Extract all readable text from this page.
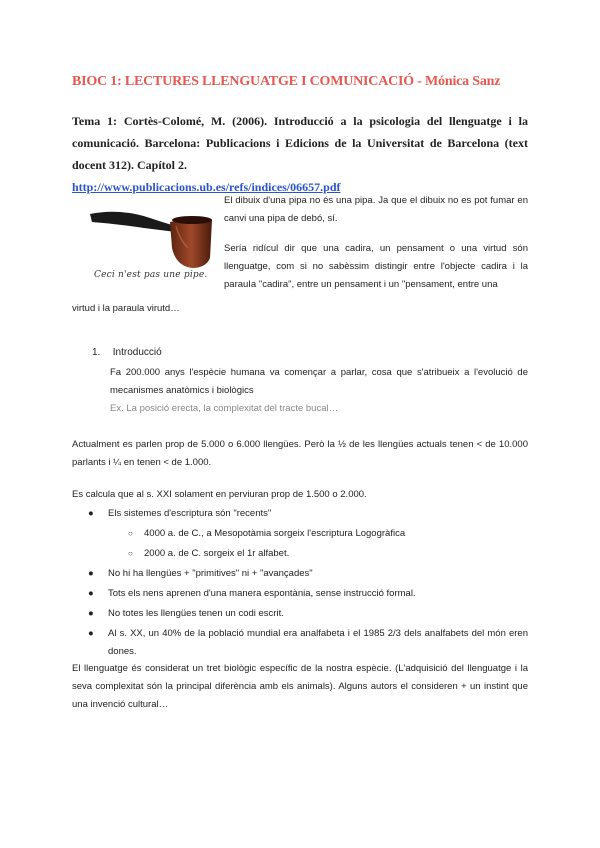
BIOC 1: LECTURES LLENGUATGE I COMUNICACIÓ - Mónica Sanz
Tema 1: Cortès-Colomé, M. (2006). Introducció a la psicologia del llenguatge i la comunicació. Barcelona: Publicacions i Edicions de la Universitat de Barcelona (text docent 312). Capítol 2.
http://www.publicacions.ub.es/refs/indices/06657.pdf
Ceci n'est pas une pipe.

El dibuix d'una pipa no és una pipa. Ja que el dibuix no es pot fumar en canvi una pipa de debó, sí.

Sería ridícul dir que una cadira, un pensament o una virtud són llenguatge, com si no sabèssim distingir entre l'objecte cadira i la parauIa "cadira", entre un pensament i un "pensament, entre una

virtud i la paraula virutd…
1. Introducció
Fa 200.000 anys l'espècie humana va començar a parlar, cosa que s'atribueix a l'evolució de mecanismes anatòmics i biològics
Ex. La posició erecta, la complexitat del tracte bucal…
Actualment es parlen prop de 5.000 o 6.000 llengües. Però la ½ de les llengües actuals tenen < de 10.000 parlants i ¼ en tenen < de 1.000.
Es calcula que al s. XXI solament en perviuran prop de 1.500 o 2.000.
● Els sistemes d'escriptura són "recents"
○ 4000 a. de C., a Mesopotàmia sorgeix l'escriptura Logogràfica
○ 2000 a. de C. sorgeix el 1r alfabet.
● No hi ha llengües + "primitives" ni + "avançades"
● Tots els nens aprenen d'una manera espontània, sense instrucció formal.
● No totes les llengües tenen un codi escrit.
● Al s. XX, un 40% de la població mundial era analfabeta i el 1985 2/3 dels analfabets del món eren dones.
El llenguatge és considerat un tret biològic específic de la nostra espècie. (L'adquisició del llenguatge i la seva complexitat són la principal diferència amb els animals). Alguns autors el consideren + un instint que una invenció cultural…
